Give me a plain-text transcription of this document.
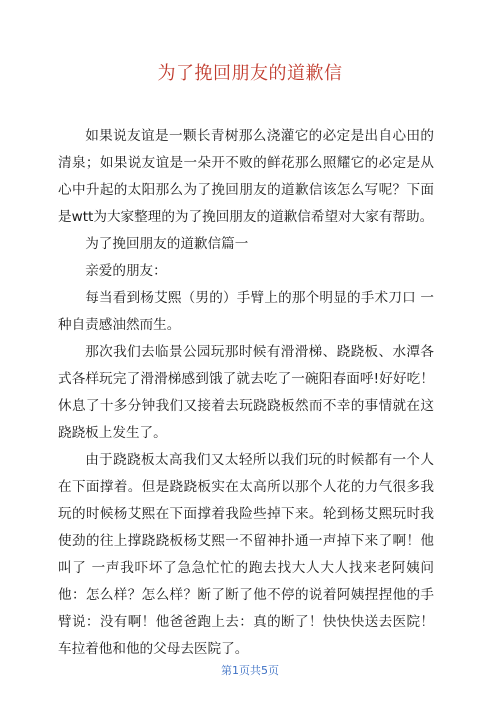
为了挽回朋友的道歉信

如果说友谊是一颗长青树那么浇灌它的必定是出自心田的清泉；如果说友谊是一朵开不败的鲜花那么照耀它的必定是从心中升起的太阳那么为了挽回朋友的道歉信该怎么写呢？下面是wtt为大家整理的为了挽回朋友的道歉信希望对大家有帮助。

为了挽回朋友的道歉信篇一

亲爱的朋友：

每当看到杨艾熙（男的）手臂上的那个明显的手术刀口 一种自责感油然而生。

那次我们去临景公园玩那时候有滑滑梯、跷跷板、水潭各式各样玩完了滑滑梯感到饿了就去吃了一碗阳春面呼!好好吃！休息了十多分钟我们又接着去玩跷跷板然而不幸的事情就在这跷跷板上发生了。

由于跷跷板太高我们又太轻所以我们玩的时候都有一个人在下面撑着。但是跷跷板实在太高所以那个人花的力气很多我玩的时候杨艾熙在下面撑着我险些掉下来。轮到杨艾熙玩时我使劲的往上撑跷跷板杨艾熙一不留神扑通一声掉下来了啊！他叫了 一声我吓坏了急急忙忙的跑去找大人大人找来老阿姨问他：怎么样？怎么样？断了断了他不停的说着阿姨捏捏他的手臂说：没有啊！他爸爸跑上去：真的断了！快快快送去医院！车拉着他和他的父母去医院了。

第1页共5页
